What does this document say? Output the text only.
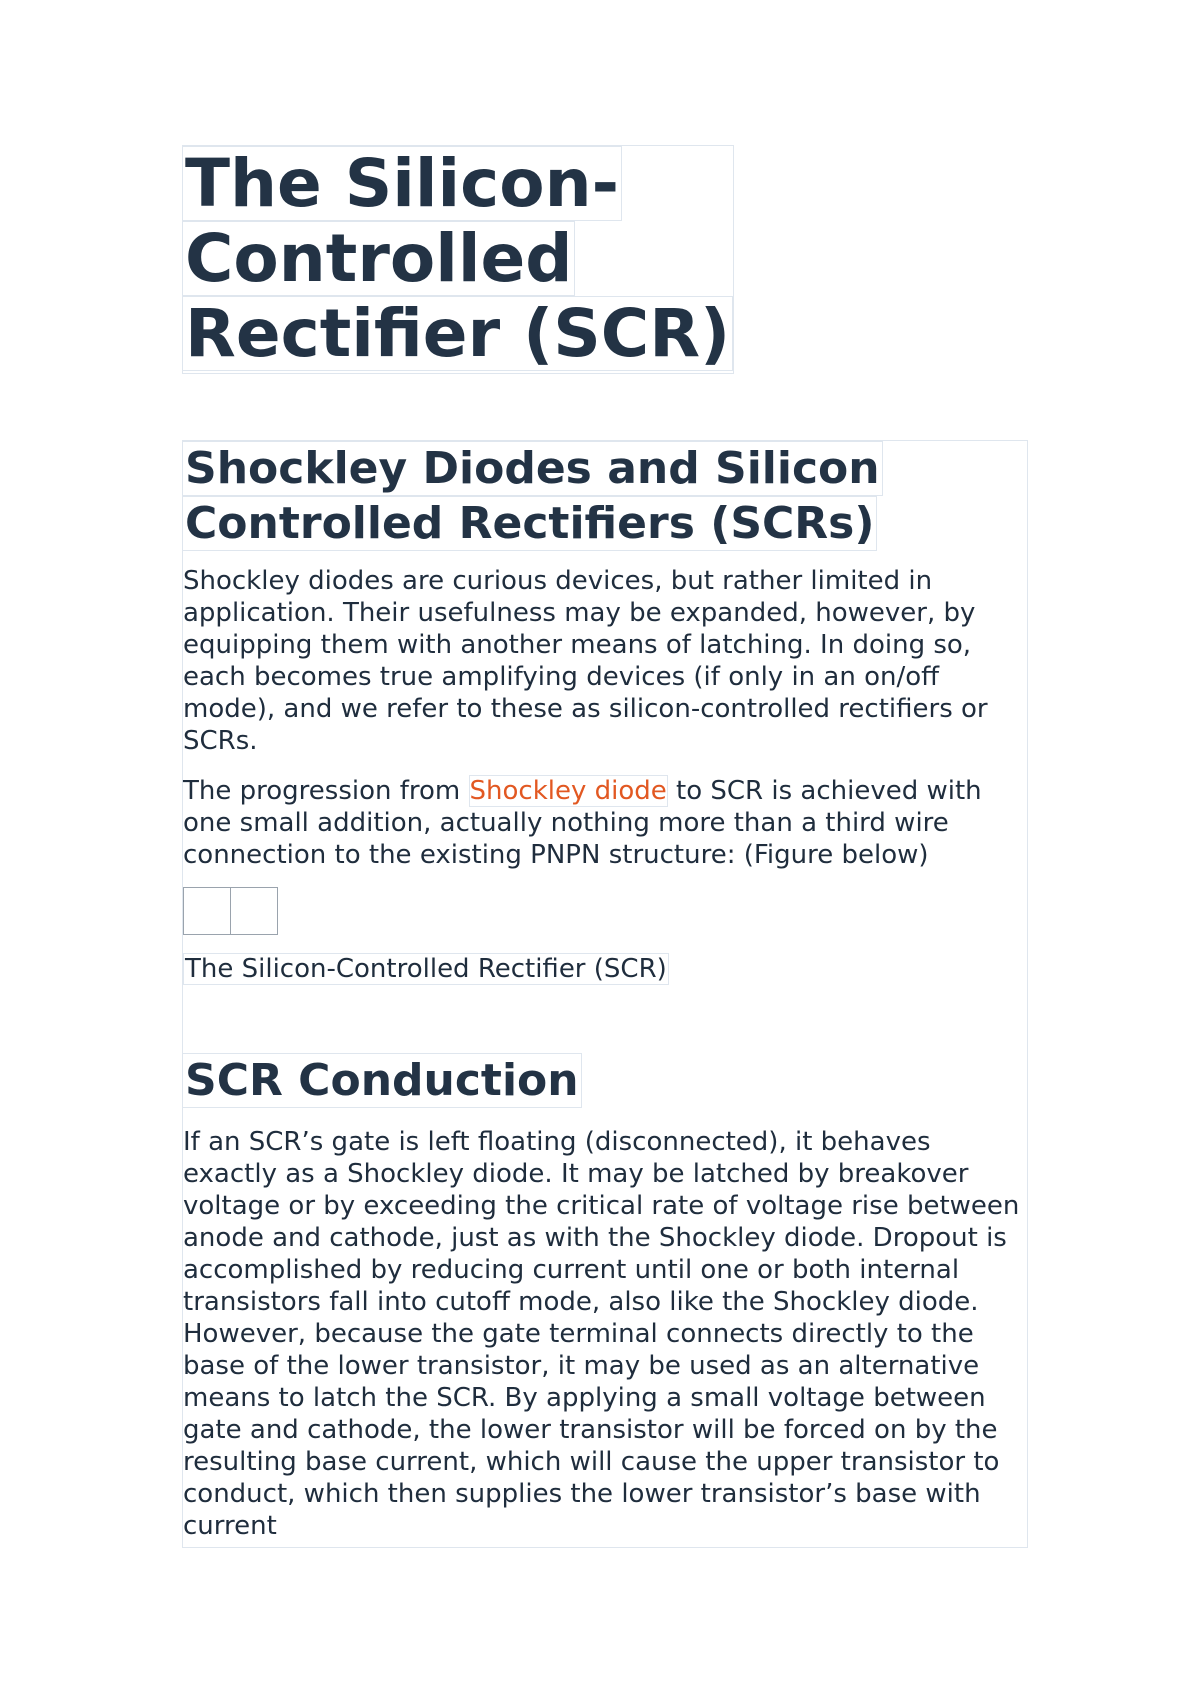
The Silicon-
Controlled
Rectifier (SCR)
Shockley Diodes and Silicon
Controlled Rectifiers (SCRs)

Shockley diodes are curious devices, but rather limited in application. Their usefulness may be expanded, however, by equipping them with another means of latching. In doing so, each becomes true amplifying devices (if only in an on/off mode), and we refer to these as silicon-controlled rectifiers or SCRs.

The progression from Shockley diode to SCR is achieved with one small addition, actually nothing more than a third wire connection to the existing PNPN structure: (Figure below)

The Silicon-Controlled Rectifier (SCR)
SCR Conduction

If an SCR’s gate is left floating (disconnected), it behaves exactly as a Shockley diode. It may be latched by breakover voltage or by exceeding the critical rate of voltage rise between anode and cathode, just as with the Shockley diode. Dropout is accomplished by reducing current until one or both internal transistors fall into cutoff mode, also like the Shockley diode. However, because the gate terminal connects directly to the base of the lower transistor, it may be used as an alternative means to latch the SCR. By applying a small voltage between gate and cathode, the lower transistor will be forced on by the resulting base current, which will cause the upper transistor to conduct, which then supplies the lower transistor’s base with current
